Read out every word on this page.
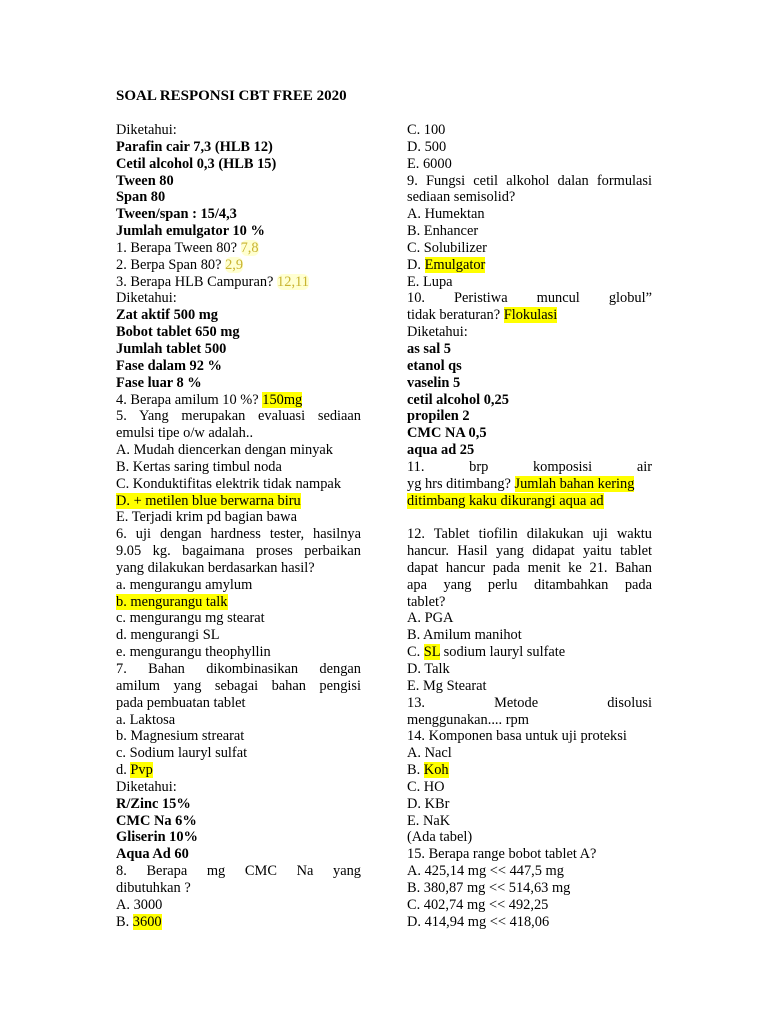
SOAL RESPONSI CBT FREE 2020
Diketahui:
Parafin cair 7,3 (HLB 12)
Cetil alcohol 0,3 (HLB 15)
Tween 80
Span 80
Tween/span : 15/4,3
Jumlah emulgator 10 %
1. Berapa Tween 80? 7,8
2. Berpa Span 80? 2,9
3. Berapa HLB Campuran? 12,11
Diketahui:
Zat aktif 500 mg
Bobot tablet 650 mg
Jumlah tablet 500
Fase dalam 92 %
Fase luar 8 %
4. Berapa amilum 10 %? 150mg
5. Yang merupakan evaluasi sediaan
emulsi tipe o/w adalah..
A. Mudah diencerkan dengan minyak
B. Kertas saring timbul noda
C. Konduktifitas elektrik tidak nampak
D. + metilen blue berwarna biru
E. Terjadi krim pd bagian bawa
6. uji dengan hardness tester, hasilnya
9.05 kg. bagaimana proses perbaikan
yang dilakukan berdasarkan hasil?
a. mengurangu amylum
b. mengurangu talk
c. mengurangu mg stearat
d. mengurangi SL
e. mengurangu theophyllin
7. Bahan dikombinasikan dengan
amilum yang sebagai bahan pengisi
pada pembuatan tablet
a. Laktosa
b. Magnesium strearat
c. Sodium lauryl sulfat
d. Pvp
Diketahui:
R/Zinc 15%
CMC Na 6%
Gliserin 10%
Aqua Ad 60
8. Berapa mg CMC Na yang
dibutuhkan ?
A. 3000
B. 3600
C. 100
D. 500
E. 6000
9. Fungsi cetil alkohol dalan formulasi
sediaan semisolid?
A. Humektan
B. Enhancer
C. Solubilizer
D. Emulgator
E. Lupa
10. Peristiwa muncul globul”
tidak beraturan? Flokulasi
Diketahui:
as sal 5
etanol qs
vaselin 5
cetil alcohol 0,25
propilen 2
CMC NA 0,5
aqua ad 25
11. brp komposisi air
yg hrs ditimbang? Jumlah bahan kering
ditimbang kaku dikurangi aqua ad
12. Tablet tiofilin dilakukan uji waktu
hancur. Hasil yang didapat yaitu tablet
dapat hancur pada menit ke 21. Bahan
apa yang perlu ditambahkan pada
tablet?
A. PGA
B. Amilum manihot
C. SL sodium lauryl sulfate
D. Talk
E. Mg Stearat
13. Metode disolusi
menggunakan.... rpm
14. Komponen basa untuk uji proteksi
A. Nacl
B. Koh
C. HO
D. KBr
E. NaK
(Ada tabel)
15. Berapa range bobot tablet A?
A. 425,14 mg << 447,5 mg
B. 380,87 mg << 514,63 mg
C. 402,74 mg << 492,25
D. 414,94 mg << 418,06
